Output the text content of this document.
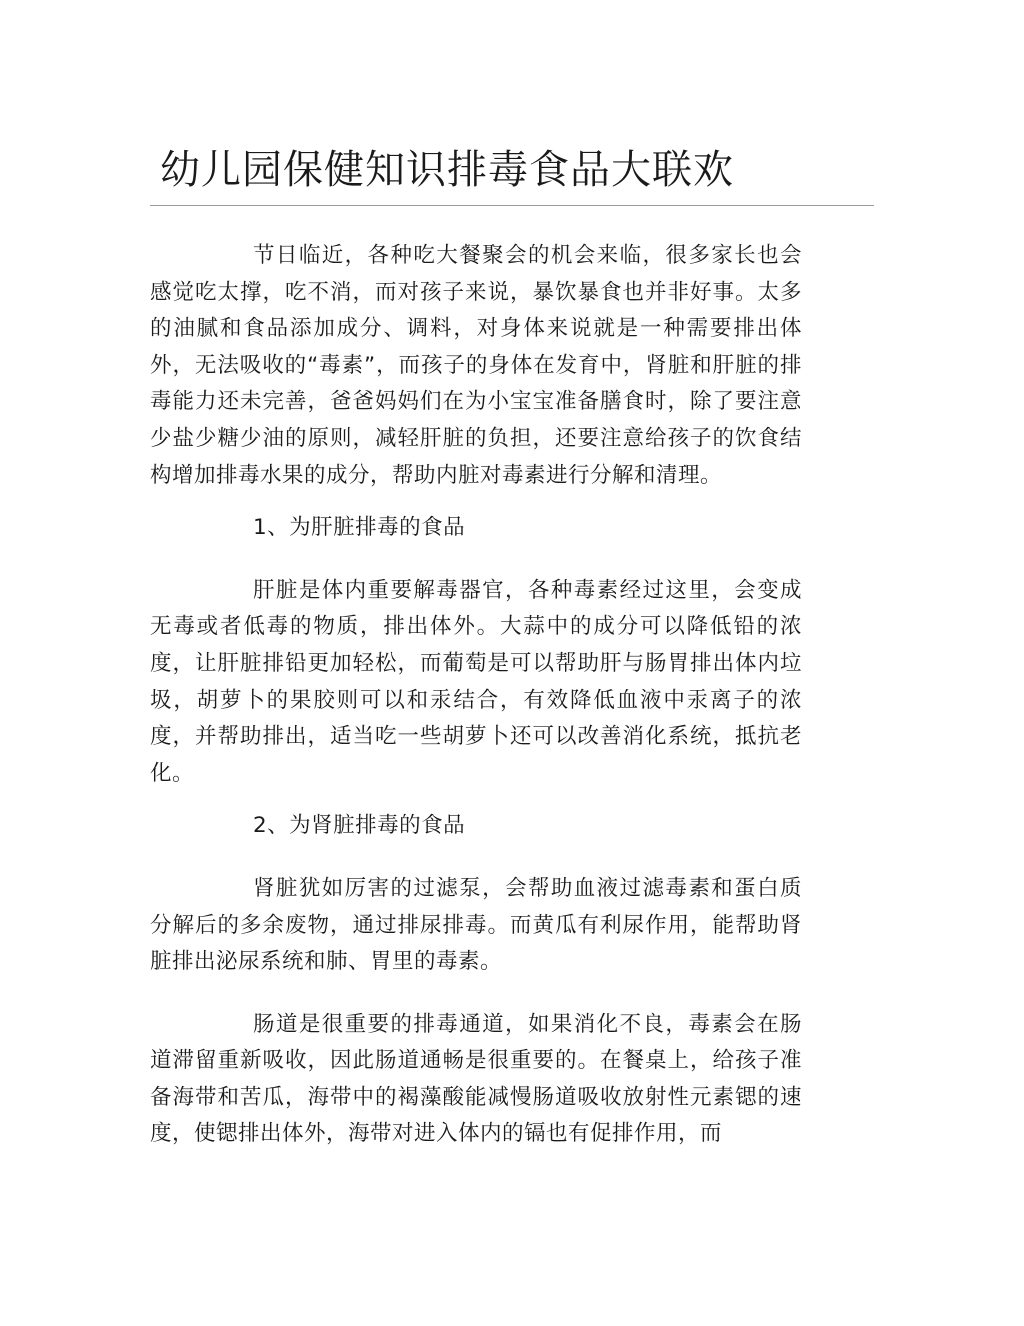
幼儿园保健知识排毒食品大联欢

节日临近，各种吃大餐聚会的机会来临，很多家长也会感觉吃太撑，吃不消，而对孩子来说，暴饮暴食也并非好事。太多的油腻和食品添加成分、调料，对身体来说就是一种需要排出体外，无法吸收的“毒素”，而孩子的身体在发育中，肾脏和肝脏的排毒能力还未完善，爸爸妈妈们在为小宝宝准备膳食时，除了要注意少盐少糖少油的原则，减轻肝脏的负担，还要注意给孩子的饮食结构增加排毒水果的成分，帮助内脏对毒素进行分解和清理。

1、为肝脏排毒的食品

肝脏是体内重要解毒器官，各种毒素经过这里，会变成无毒或者低毒的物质，排出体外。大蒜中的成分可以降低铅的浓度，让肝脏排铅更加轻松，而葡萄是可以帮助肝与肠胃排出体内垃圾，胡萝卜的果胶则可以和汞结合，有效降低血液中汞离子的浓度，并帮助排出，适当吃一些胡萝卜还可以改善消化系统，抵抗老化。

2、为肾脏排毒的食品

肾脏犹如厉害的过滤泵，会帮助血液过滤毒素和蛋白质分解后的多余废物，通过排尿排毒。而黄瓜有利尿作用，能帮助肾脏排出泌尿系统和肺、胃里的毒素。

肠道是很重要的排毒通道，如果消化不良，毒素会在肠道滞留重新吸收，因此肠道通畅是很重要的。在餐桌上，给孩子准备海带和苦瓜，海带中的褐藻酸能减慢肠道吸收放射性元素锶的速度，使锶排出体外，海带对进入体内的镉也有促排作用，而
